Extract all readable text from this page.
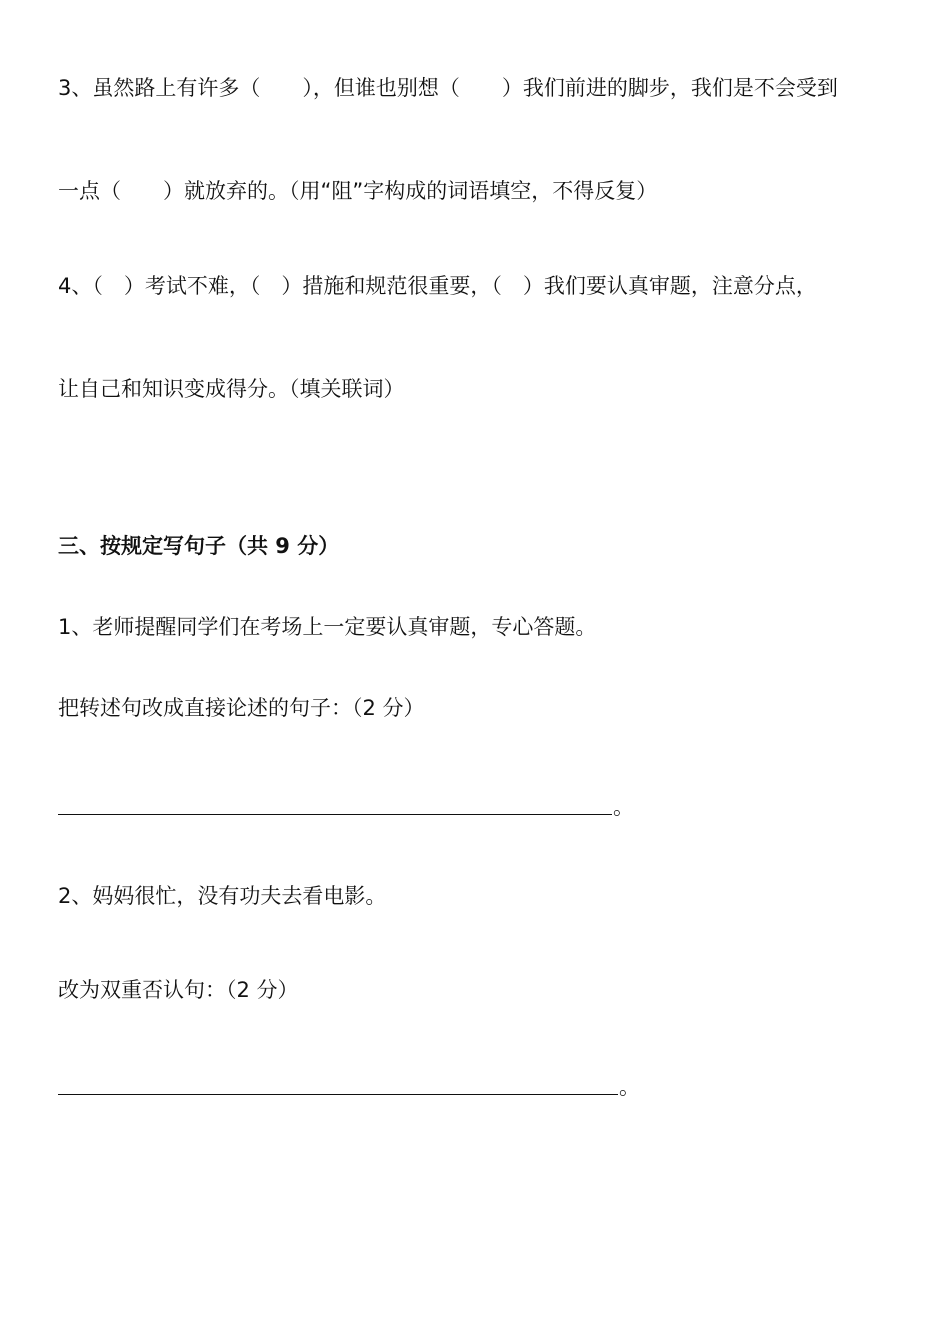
3、虽然路上有许多（　　），但谁也别想（　　）我们前进的脚步，我们是不会受到
一点（　　）就放弃的。（用“阻”字构成的词语填空，不得反复）
4、（　）考试不难，（　）措施和规范很重要，（　）我们要认真审题，注意分点，
让自己和知识变成得分。（填关联词）
三、按规定写句子（共 9 分）
1、老师提醒同学们在考场上一定要认真审题，专心答题。
把转述句改成直接论述的句子：（2 分）
。
2、妈妈很忙，没有功夫去看电影。
改为双重否认句：（2 分）
。
